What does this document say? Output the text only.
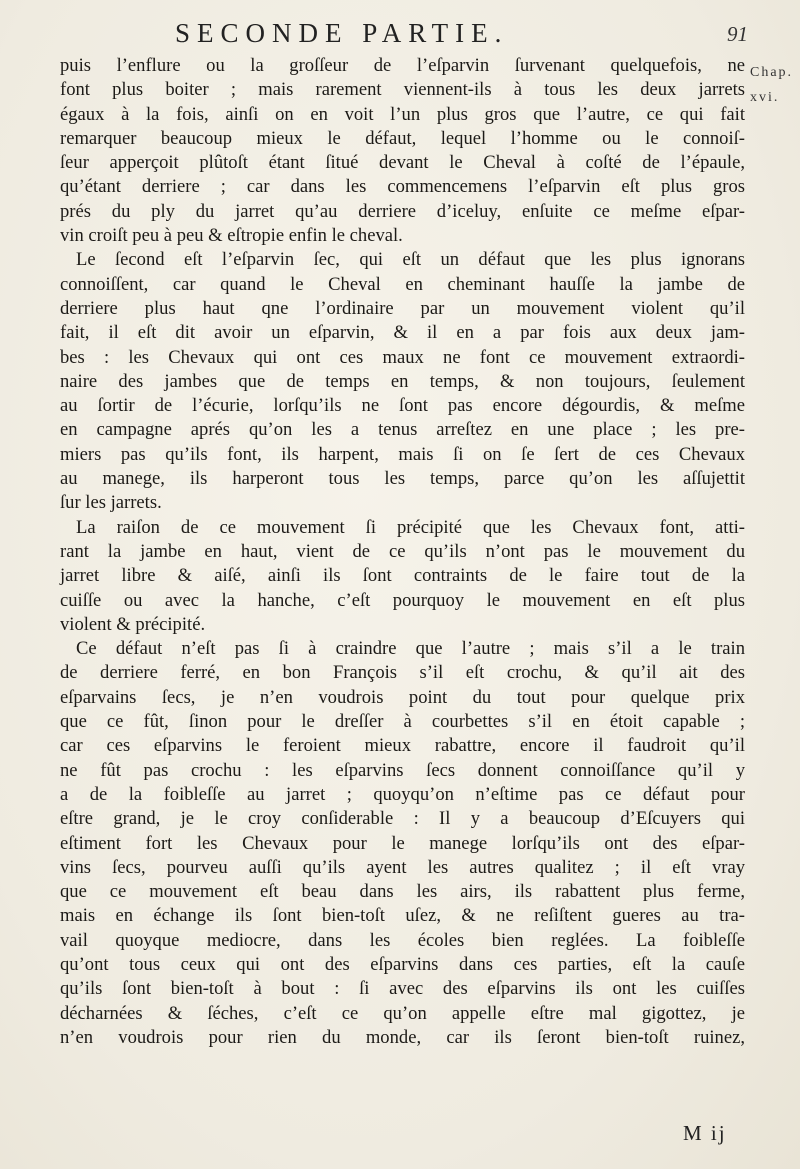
SECONDE PARTIE.	91
Chap.
xvi.
puis l’enflure ou la groſſeur de l’eſparvin ſurvenant quelquefois, ne
font plus boiter ; mais rarement viennent-ils à tous les deux jarrets
égaux à la fois, ainſi on en voit l’un plus gros que l’autre, ce qui fait
remarquer beaucoup mieux le défaut, lequel l’homme ou le connoiſ-
ſeur apperçoit plûtoſt étant ſitué devant le Cheval à coſté de l’épaule,
qu’étant derriere ; car dans les commencemens l’eſparvin eſt plus gros
prés du ply du jarret qu’au derriere d’iceluy, enſuite ce meſme eſpar-
vin croiſt peu à peu & eſtropie enfin le cheval.
Le ſecond eſt l’eſparvin ſec, qui eſt un défaut que les plus ignorans
connoiſſent, car quand le Cheval en cheminant hauſſe la jambe de
derriere plus haut qne l’ordinaire par un mouvement violent qu’il
fait, il eſt dit avoir un eſparvin, & il en a par fois aux deux jam-
bes : les Chevaux qui ont ces maux ne font ce mouvement extraordi-
naire des jambes que de temps en temps, & non toujours, ſeulement
au ſortir de l’écurie, lorſqu’ils ne ſont pas encore dégourdis, & meſme
en campagne aprés qu’on les a tenus arreſtez en une place ; les pre-
miers pas qu’ils font, ils harpent, mais ſi on ſe ſert de ces Chevaux
au manege, ils harperont tous les temps, parce qu’on les aſſujettit
ſur les jarrets.
La raiſon de ce mouvement ſi précipité que les Chevaux font, atti-
rant la jambe en haut, vient de ce qu’ils n’ont pas le mouvement du
jarret libre & aiſé, ainſi ils ſont contraints de le faire tout de la
cuiſſe ou avec la hanche, c’eſt pourquoy le mouvement en eſt plus
violent & précipité.
Ce défaut n’eſt pas ſi à craindre que l’autre ; mais s’il a le train
de derriere ferré, en bon François s’il eſt crochu, & qu’il ait des
eſparvains ſecs, je n’en voudrois point du tout pour quelque prix
que ce fût, ſinon pour le dreſſer à courbettes s’il en étoit capable ;
car ces eſparvins le feroient mieux rabattre, encore il faudroit qu’il
ne fût pas crochu : les eſparvins ſecs donnent connoiſſance qu’il y
a de la foibleſſe au jarret ; quoyqu’on n’eſtime pas ce défaut pour
eſtre grand, je le croy conſiderable : Il y a beaucoup d’Eſcuyers qui
eſtiment fort les Chevaux pour le manege lorſqu’ils ont des eſpar-
vins ſecs, pourveu auſſi qu’ils ayent les autres qualitez ; il eſt vray
que ce mouvement eſt beau dans les airs, ils rabattent plus ferme,
mais en échange ils ſont bien-toſt uſez, & ne reſiſtent gueres au tra-
vail quoyque mediocre, dans les écoles bien reglées. La foibleſſe
qu’ont tous ceux qui ont des eſparvins dans ces parties, eſt la cauſe
qu’ils ſont bien-toſt à bout : ſi avec des eſparvins ils ont les cuiſſes
décharnées & ſéches, c’eſt ce qu’on appelle eſtre mal gigottez, je
n’en voudrois pour rien du monde, car ils ſeront bien-toſt ruinez,
M ij
